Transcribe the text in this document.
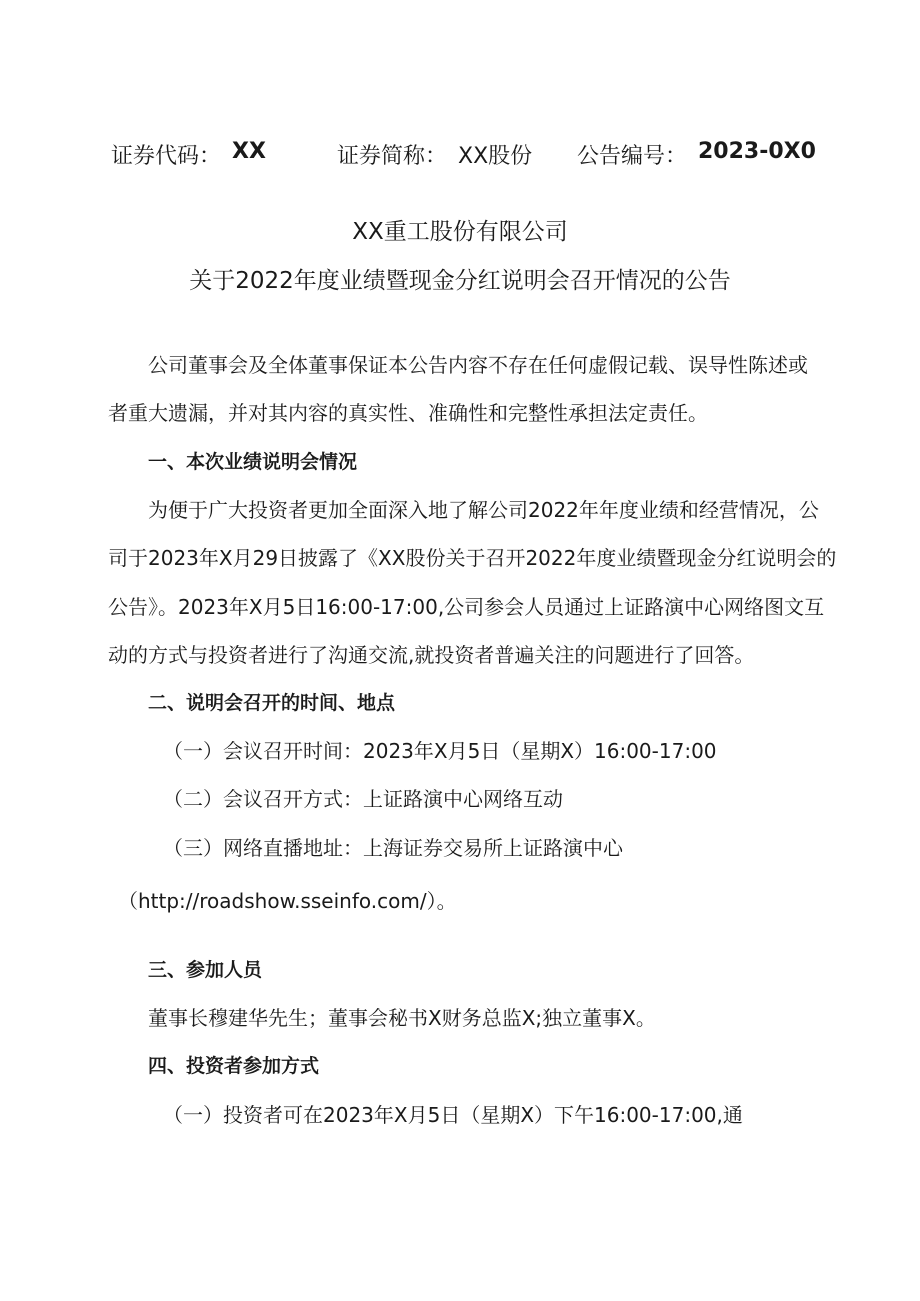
证券代码： XX	证券简称： XX股份 公告编号： 2023-0X0
XX重工股份有限公司
关于2022年度业绩暨现金分红说明会召开情况的公告
公司董事会及全体董事保证本公告内容不存在任何虚假记载、误导性陈述或
者重大遗漏，并对其内容的真实性、准确性和完整性承担法定责任。
一、本次业绩说明会情况
为便于广大投资者更加全面深入地了解公司2022年年度业绩和经营情况，公
司于2023年X月29日披露了《XX股份关于召开2022年度业绩暨现金分红说明会的
公告》。2023年X月5日16:00-17:00,公司参会人员通过上证路演中心网络图文互
动的方式与投资者进行了沟通交流,就投资者普遍关注的问题进行了回答。
二、说明会召开的时间、地点
（一）会议召开时间：2023年X月5日（星期X）16:00-17:00
（二）会议召开方式：上证路演中心网络互动
（三）网络直播地址：上海证券交易所上证路演中心
（http://roadshow.sseinfo.com/）。
三、参加人员
董事长穆建华先生；董事会秘书X财务总监X;独立董事X。
四、投资者参加方式
（一）投资者可在2023年X月5日（星期X）下午16:00-17:00,通
